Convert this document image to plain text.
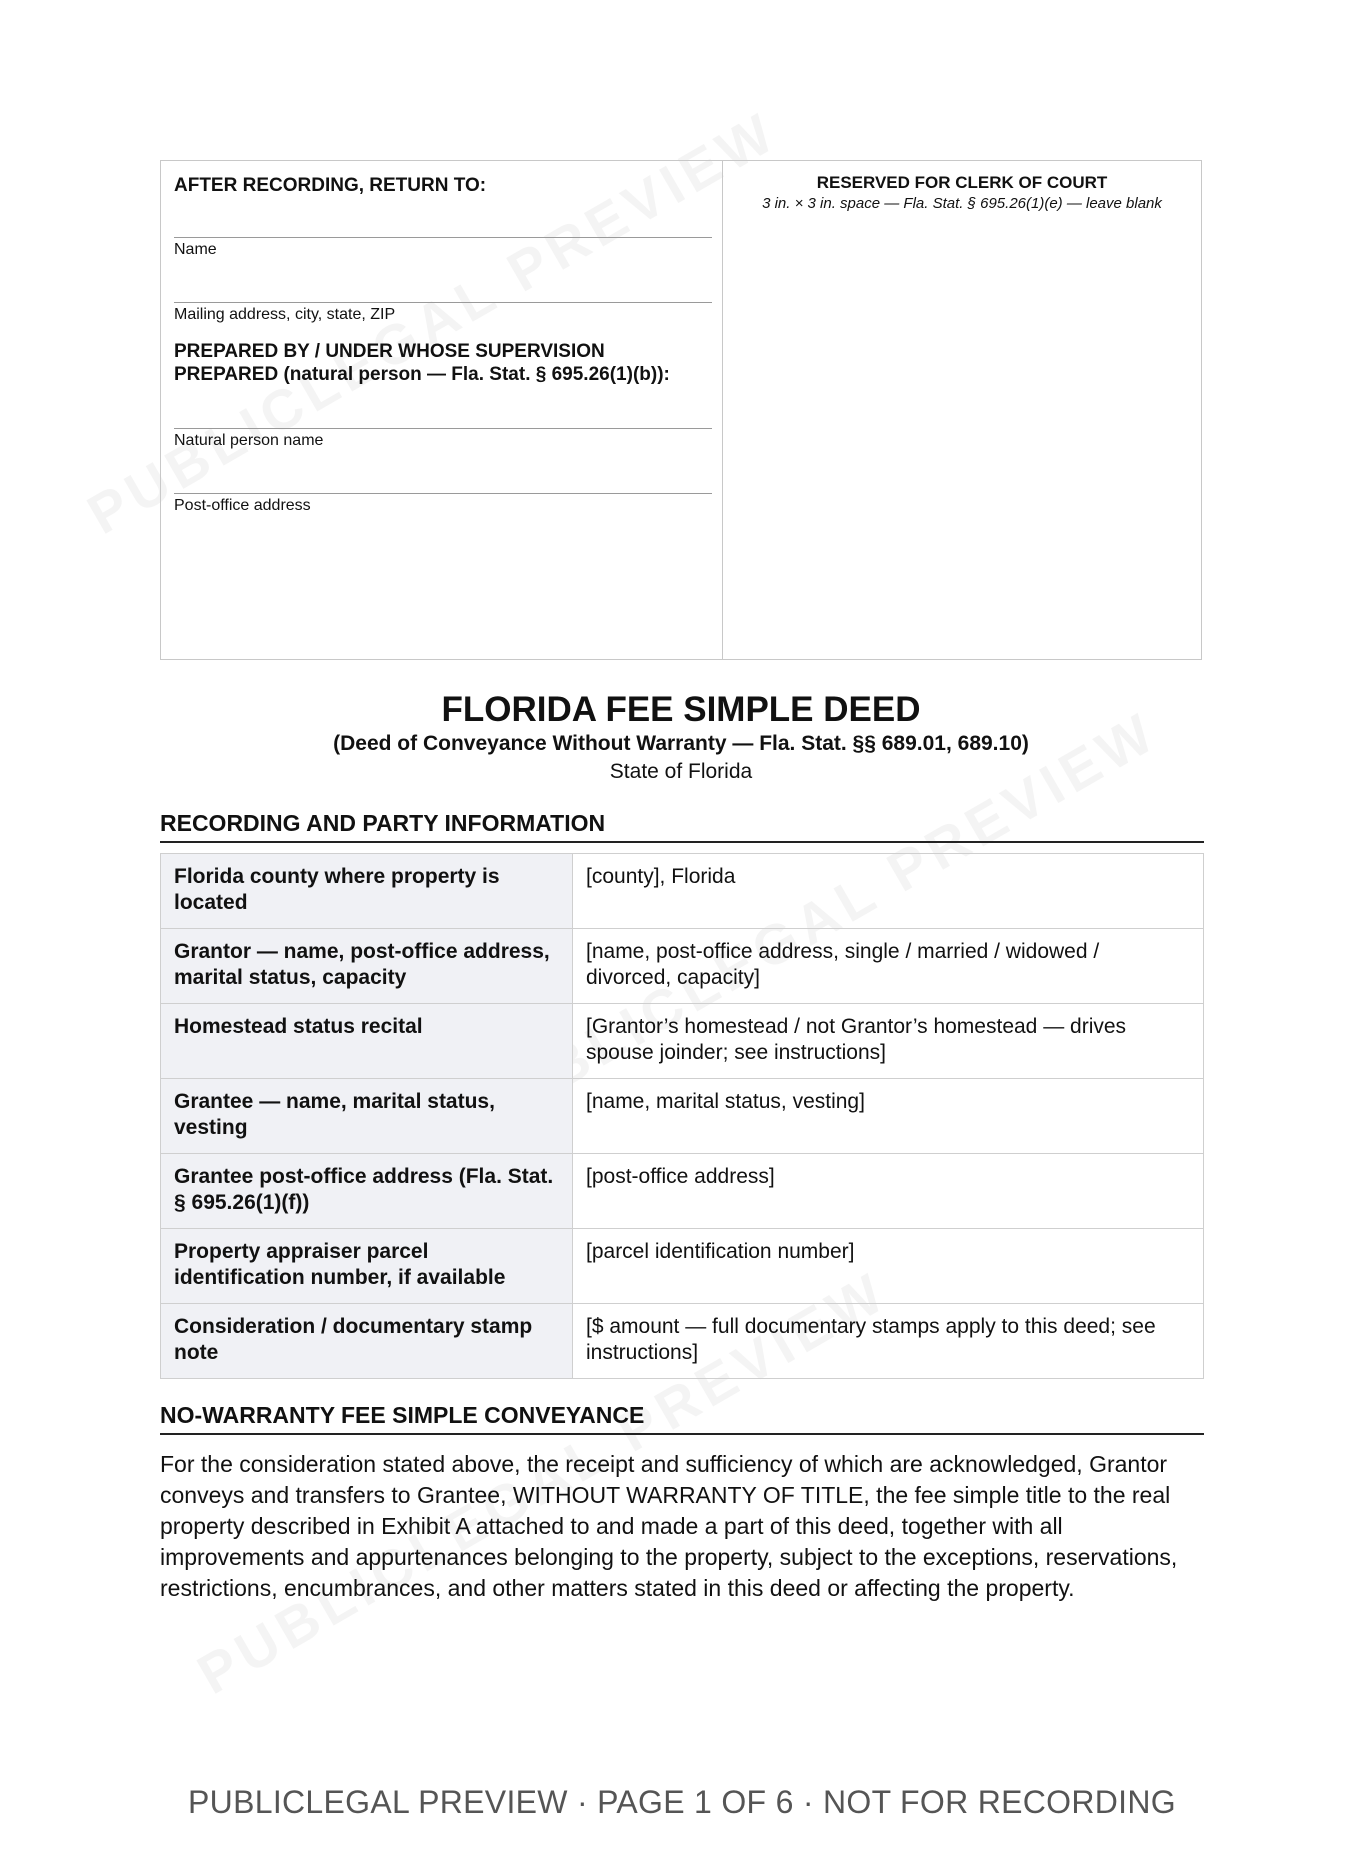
AFTER RECORDING, RETURN TO:

Name
Mailing address, city, state, ZIP
PREPARED BY / UNDER WHOSE SUPERVISION PREPARED (natural person — Fla. Stat. § 695.26(1)(b)):
Natural person name
Post-office address
RESERVED FOR CLERK OF COURT
3 in. × 3 in. space — Fla. Stat. § 695.26(1)(e) — leave blank
FLORIDA FEE SIMPLE DEED
(Deed of Conveyance Without Warranty — Fla. Stat. §§ 689.01, 689.10)
State of Florida
RECORDING AND PARTY INFORMATION
Florida county where property is located	[county], Florida
Grantor — name, post-office address, marital status, capacity	[name, post-office address, single / married / widowed / divorced, capacity]
Homestead status recital	[Grantor’s homestead / not Grantor’s homestead — drives spouse joinder; see instructions]
Grantee — name, marital status, vesting	[name, marital status, vesting]
Grantee post-office address (Fla. Stat. § 695.26(1)(f))	[post-office address]
Property appraiser parcel identification number, if available	[parcel identification number]
Consideration / documentary stamp note	[$ amount — full documentary stamps apply to this deed; see instructions]
NO-WARRANTY FEE SIMPLE CONVEYANCE
For the consideration stated above, the receipt and sufficiency of which are acknowledged, Grantor conveys and transfers to Grantee, WITHOUT WARRANTY OF TITLE, the fee simple title to the real property described in Exhibit A attached to and made a part of this deed, together with all improvements and appurtenances belonging to the property, subject to the exceptions, reservations, restrictions, encumbrances, and other matters stated in this deed or affecting the property.
PUBLICLEGAL PREVIEW · PAGE 1 OF 6 · NOT FOR RECORDING
